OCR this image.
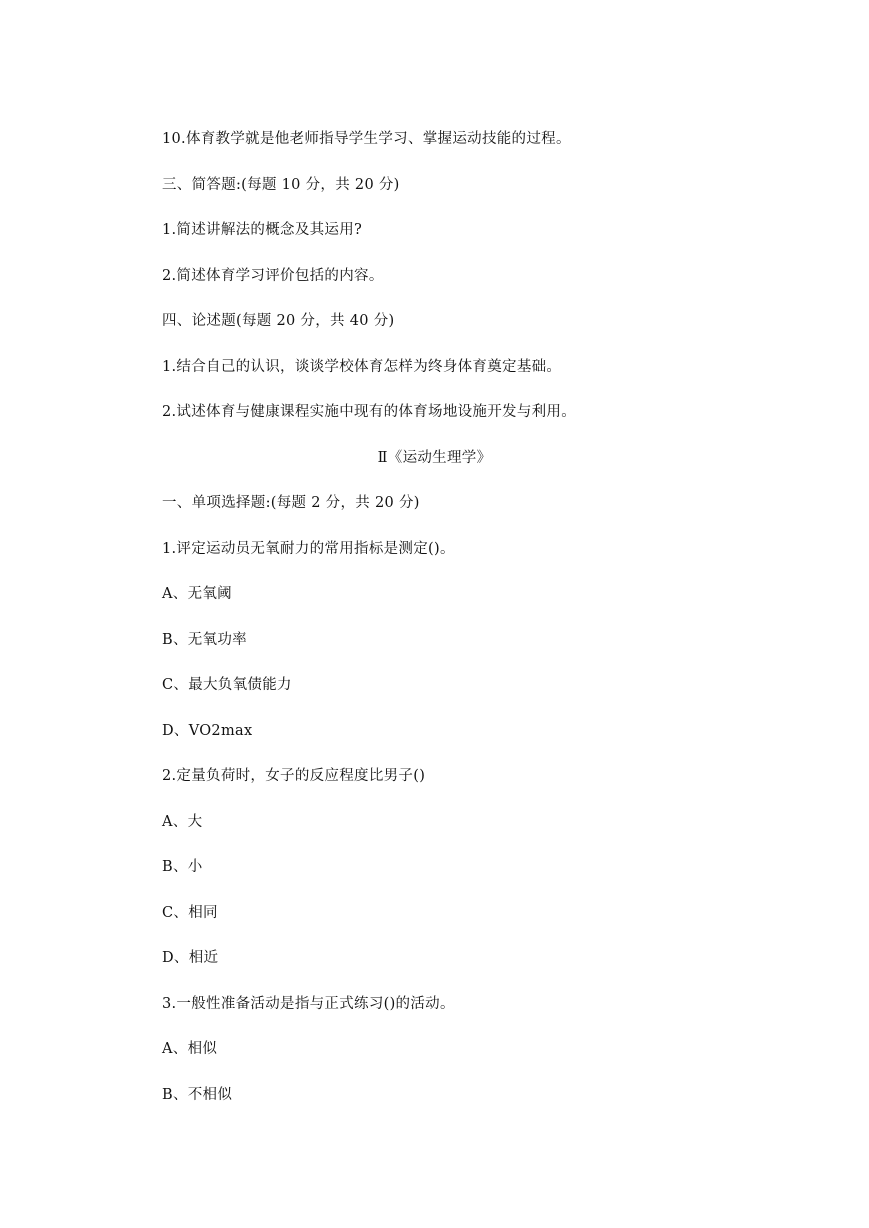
10.体育教学就是他老师指导学生学习、掌握运动技能的过程。
三、简答题:(每题 10 分，共 20 分)
1.简述讲解法的概念及其运用?
2.简述体育学习评价包括的内容。
四、论述题(每题 20 分，共 40 分)
1.结合自己的认识，谈谈学校体育怎样为终身体育奠定基础。
2.试述体育与健康课程实施中现有的体育场地设施开发与利用。
Ⅱ《运动生理学》
一、单项选择题:(每题 2 分，共 20 分)
1.评定运动员无氧耐力的常用指标是测定()。
A、无氧阈
B、无氧功率
C、最大负氧债能力
D、VO2max
2.定量负荷时，女子的反应程度比男子()
A、大
B、小
C、相同
D、相近
3.一般性准备活动是指与正式练习()的活动。
A、相似
B、不相似
